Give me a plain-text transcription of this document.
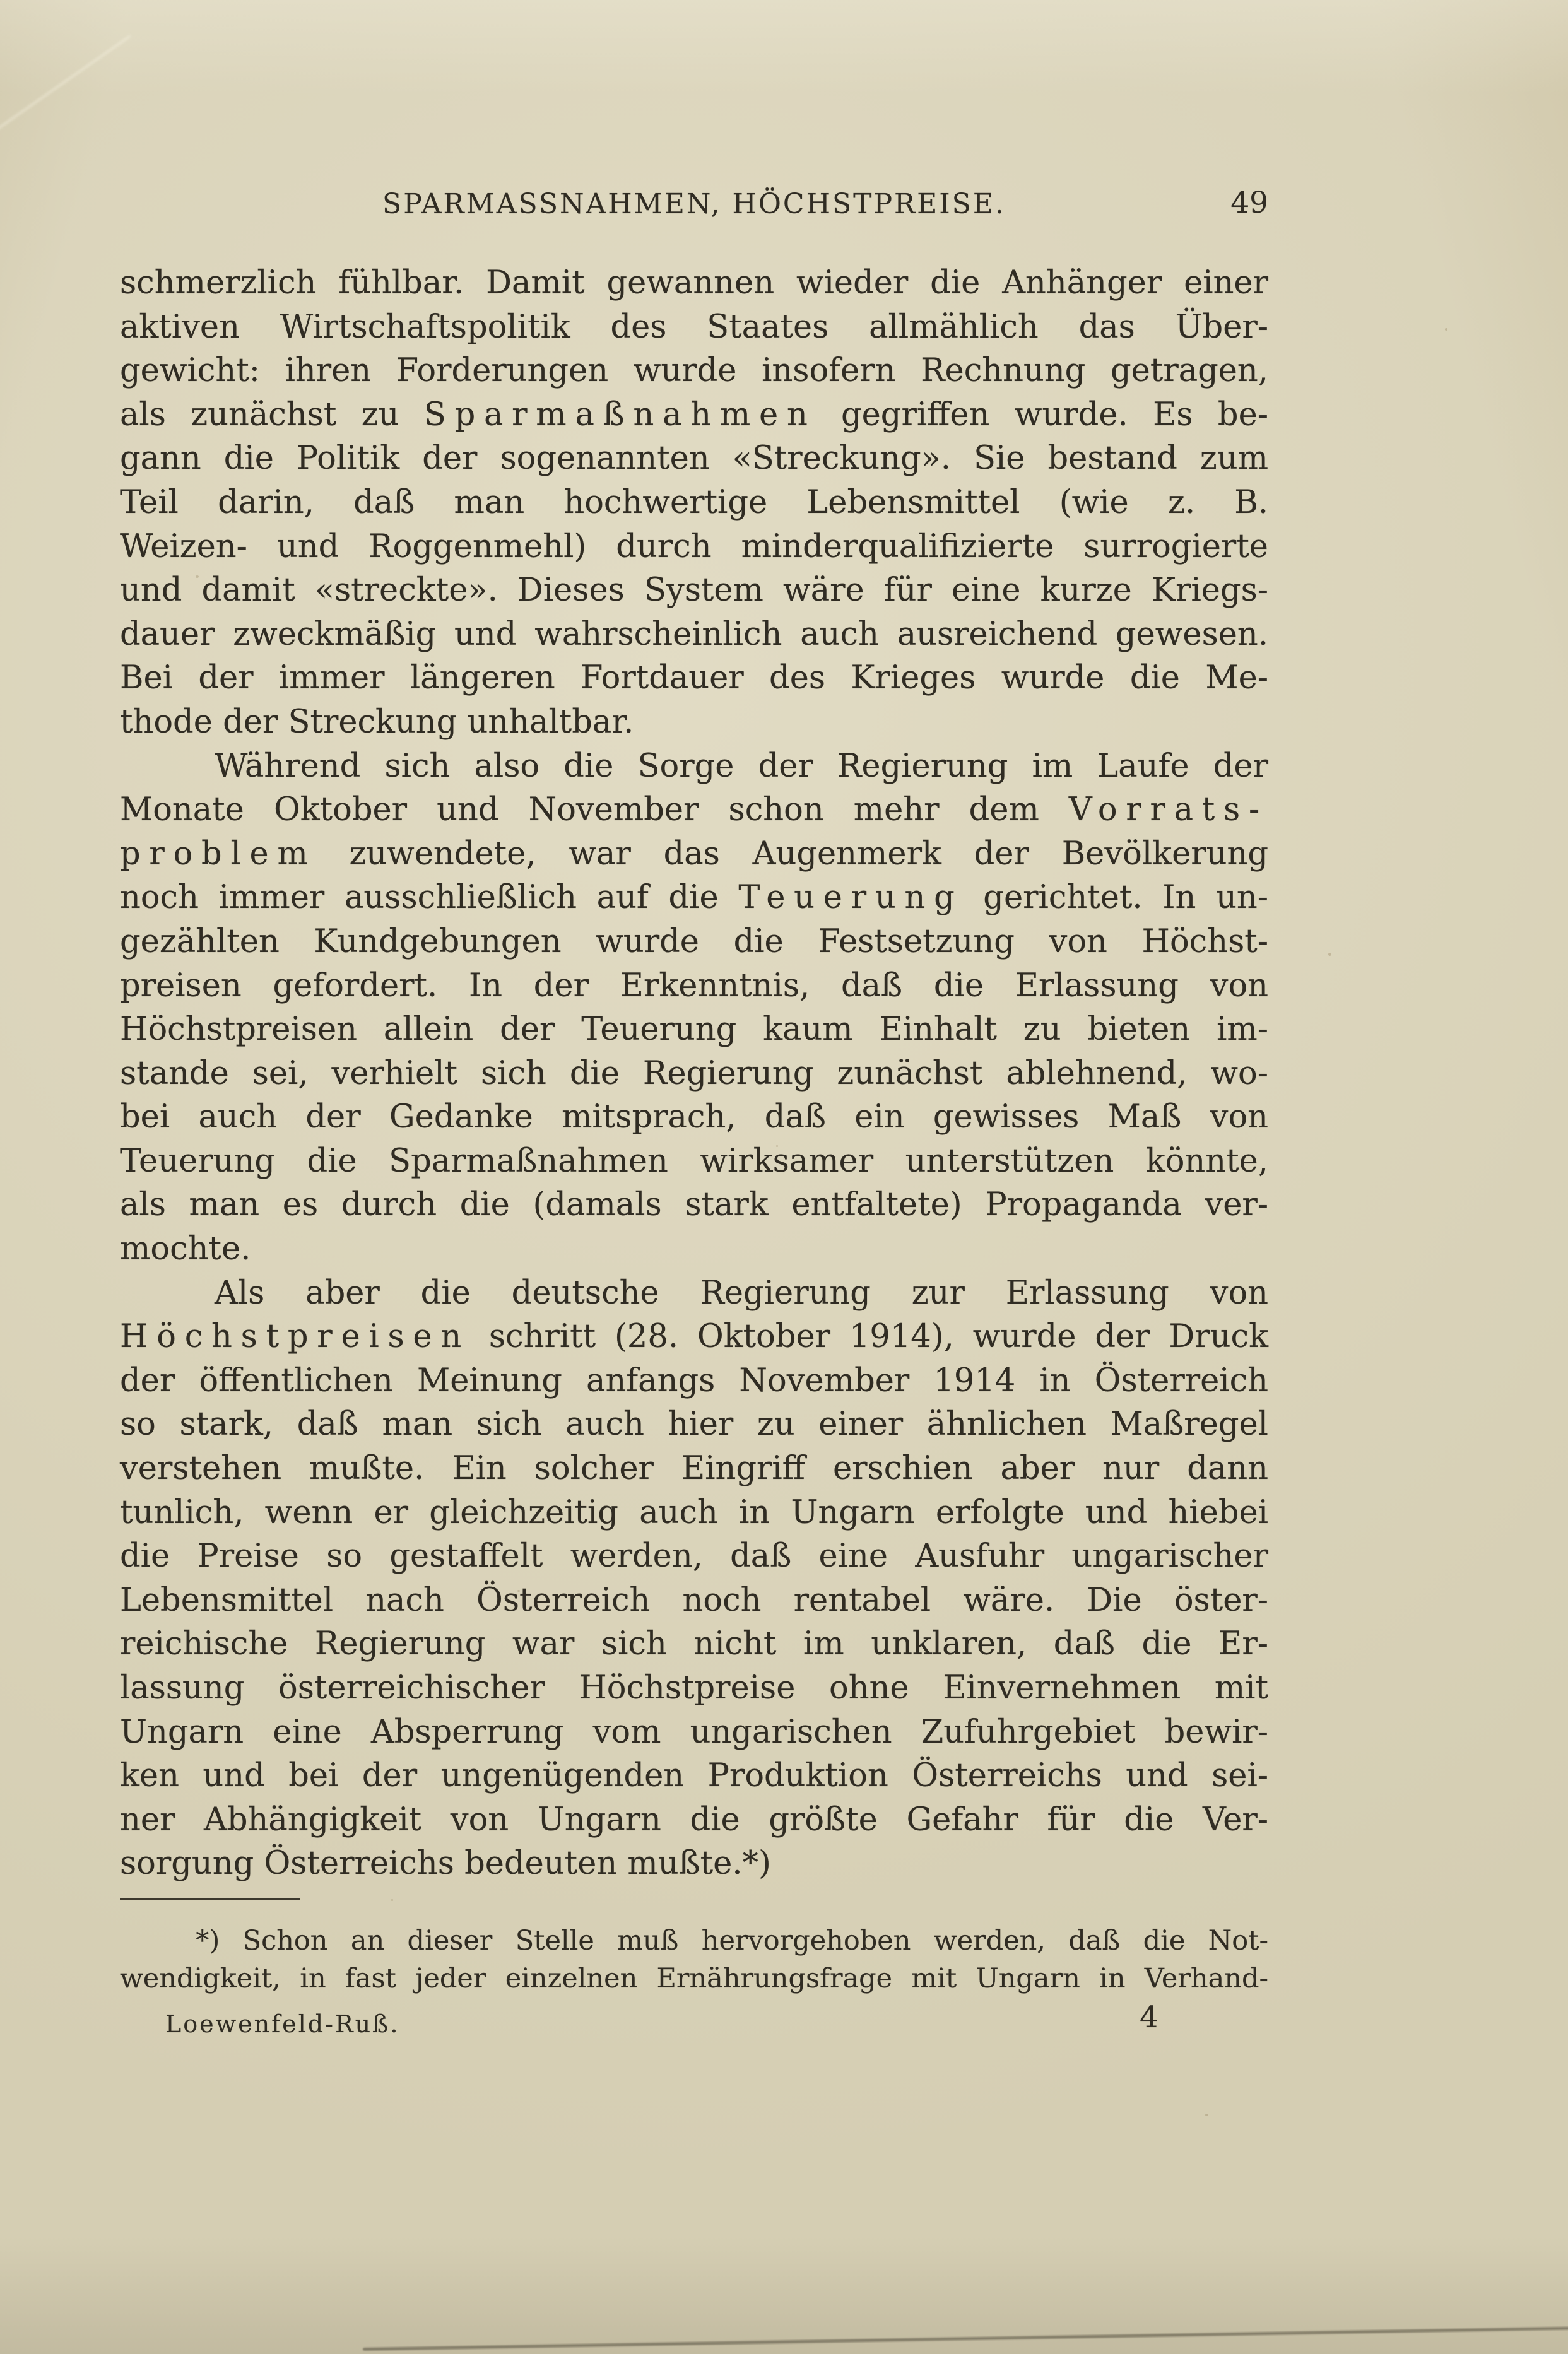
SPARMASSNAHMEN, HÖCHSTPREISE.	49
schmerzlich fühlbar. Damit gewannen wieder die Anhänger einer
aktiven Wirtschaftspolitik des Staates allmählich das Über-
gewicht: ihren Forderungen wurde insofern Rechnung getragen,
als zunächst zu Sparmaßnahmen gegriffen wurde. Es be-
gann die Politik der sogenannten «Streckung». Sie bestand zum
Teil darin, daß man hochwertige Lebensmittel (wie z. B.
Weizen- und Roggenmehl) durch minderqualifizierte surrogierte
und damit «streckte». Dieses System wäre für eine kurze Kriegs-
dauer zweckmäßig und wahrscheinlich auch ausreichend gewesen.
Bei der immer längeren Fortdauer des Krieges wurde die Me-
thode der Streckung unhaltbar.
Während sich also die Sorge der Regierung im Laufe der
Monate Oktober und November schon mehr dem Vorrats-
problem zuwendete, war das Augenmerk der Bevölkerung
noch immer ausschließlich auf die Teuerung gerichtet. In un-
gezählten Kundgebungen wurde die Festsetzung von Höchst-
preisen gefordert. In der Erkenntnis, daß die Erlassung von
Höchstpreisen allein der Teuerung kaum Einhalt zu bieten im-
stande sei, verhielt sich die Regierung zunächst ablehnend, wo-
bei auch der Gedanke mitsprach, daß ein gewisses Maß von
Teuerung die Sparmaßnahmen wirksamer unterstützen könnte,
als man es durch die (damals stark entfaltete) Propaganda ver-
mochte.
Als aber die deutsche Regierung zur Erlassung von
Höchstpreisen schritt (28. Oktober 1914), wurde der Druck
der öffentlichen Meinung anfangs November 1914 in Österreich
so stark, daß man sich auch hier zu einer ähnlichen Maßregel
verstehen mußte. Ein solcher Eingriff erschien aber nur dann
tunlich, wenn er gleichzeitig auch in Ungarn erfolgte und hiebei
die Preise so gestaffelt werden, daß eine Ausfuhr ungarischer
Lebensmittel nach Österreich noch rentabel wäre. Die öster-
reichische Regierung war sich nicht im unklaren, daß die Er-
lassung österreichischer Höchstpreise ohne Einvernehmen mit
Ungarn eine Absperrung vom ungarischen Zufuhrgebiet bewir-
ken und bei der ungenügenden Produktion Österreichs und sei-
ner Abhängigkeit von Ungarn die größte Gefahr für die Ver-
sorgung Österreichs bedeuten mußte.*)
*) Schon an dieser Stelle muß hervorgehoben werden, daß die Not-
wendigkeit, in fast jeder einzelnen Ernährungsfrage mit Ungarn in Verhand-
Loewenfeld-Ruß.	4
